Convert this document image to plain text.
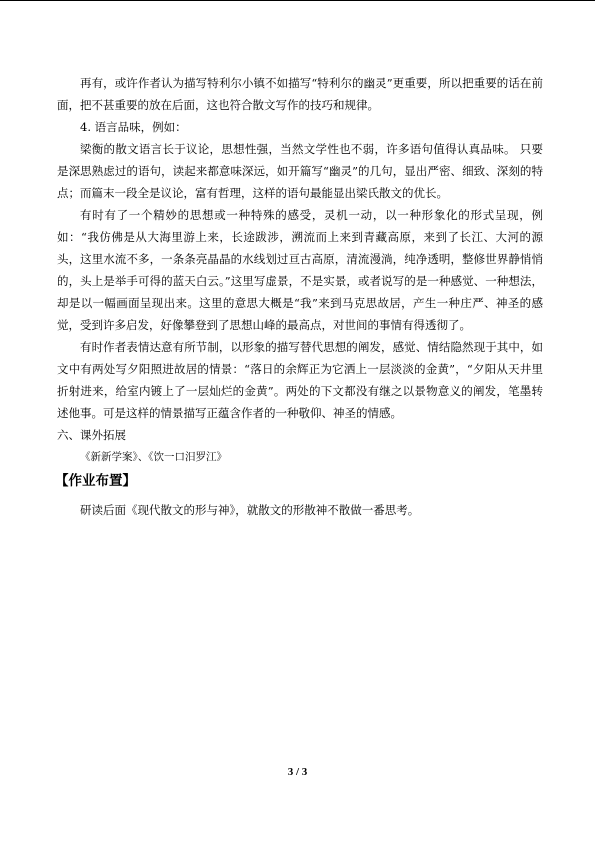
再有，或许作者认为描写特利尔小镇不如描写“特利尔的幽灵”更重要，所以把重要的话在前面，把不甚重要的放在后面，这也符合散文写作的技巧和规律。

4. 语言品味，例如：

梁衡的散文语言长于议论，思想性强，当然文学性也不弱，许多语句值得认真品味。 只要是深思熟虑过的语句，读起来都意味深远，如开篇写“幽灵”的几句，显出严密、细致、深刻的特点；而篇末一段全是议论，富有哲理，这样的语句最能显出梁氏散文的优长。

有时有了一个精妙的思想或一种特殊的感受，灵机一动，以一种形象化的形式呈现，例如：“我仿佛是从大海里游上来，长途跋涉，溯流而上来到青藏高原，来到了长江、大河的源头，这里水流不多，一条条亮晶晶的水线划过亘古高原，清流漫淌，纯净透明，整修世界静悄悄的，头上是举手可得的蓝天白云。”这里写虚景，不是实景，或者说写的是一种感觉、一种想法，却是以一幅画面呈现出来。这里的意思大概是“我”来到马克思故居，产生一种庄严、神圣的感觉，受到许多启发，好像攀登到了思想山峰的最高点，对世间的事情有得透彻了。

有时作者表情达意有所节制，以形象的描写替代思想的阐发，感觉、情结隐然现于其中，如文中有两处写夕阳照进故居的情景：“落日的余辉正为它洒上一层淡淡的金黄”，“夕阳从天井里折射进来，给室内镀上了一层灿烂的金黄”。两处的下文都没有继之以景物意义的阐发，笔墨转述他事。可是这样的情景描写正蕴含作者的一种敬仰、神圣的情感。

六、课外拓展

《新新学案》、《饮一口汨罗江》

【作业布置】

研读后面《现代散文的形与神》，就散文的形散神不散做一番思考。

3 / 3
